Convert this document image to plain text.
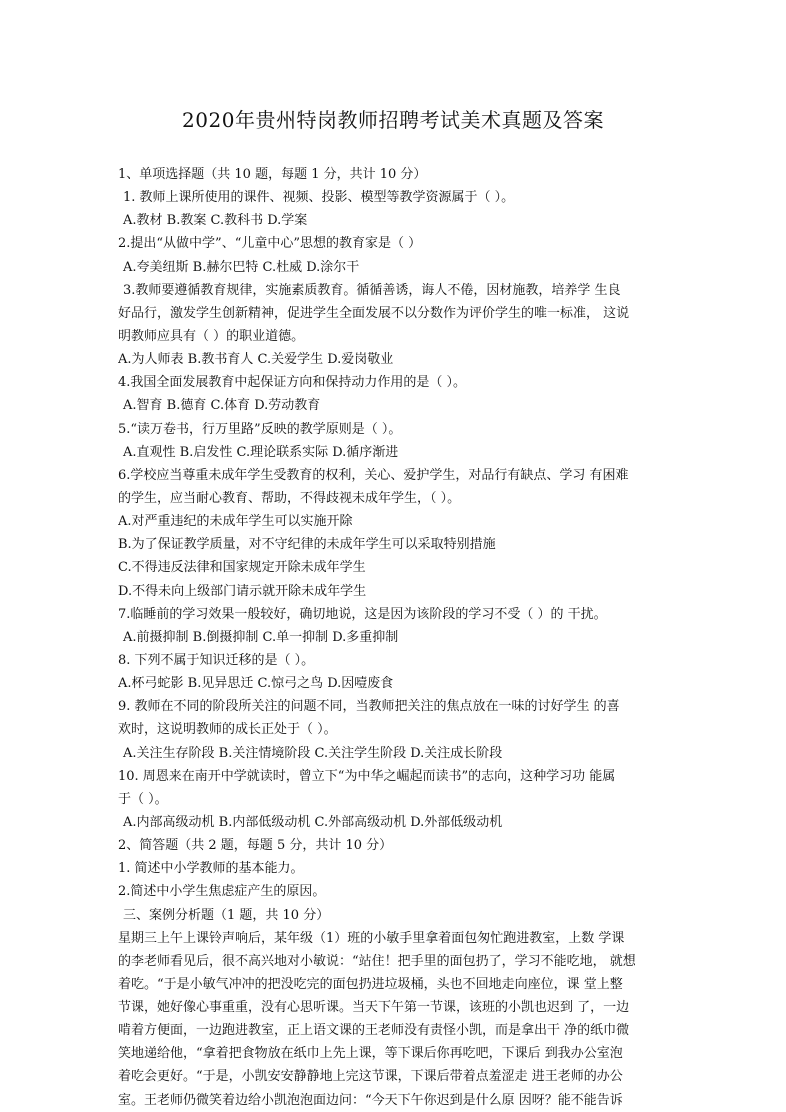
2020年贵州特岗教师招聘考试美术真题及答案
1、单项选择题（共 10 题，每题 1 分，共计 10 分）
1. 教师上课所使用的课件、视频、投影、模型等教学资源属于（ ）。
A.教材 B.教案 C.教科书 D.学案
2.提出“从做中学”、“儿童中心”思想的教育家是（ ）
A.夸美纽斯 B.赫尔巴特 C.杜威 D.涂尔干
3.教师要遵循教育规律，实施素质教育。循循善诱，诲人不倦，因材施教，培养学 生良
好品行，激发学生创新精神，促进学生全面发展不以分数作为评价学生的唯一标准， 这说
明教师应具有（ ）的职业道德。
A.为人师表 B.教书育人 C.关爱学生 D.爱岗敬业
4.我国全面发展教育中起保证方向和保持动力作用的是（ ）。
A.智育 B.德育 C.体育 D.劳动教育
5.“读万卷书，行万里路”反映的教学原则是（ ）。
A.直观性 B.启发性 C.理论联系实际 D.循序渐进
6.学校应当尊重未成年学生受教育的权利，关心、爱护学生，对品行有缺点、学习 有困难
的学生，应当耐心教育、帮助，不得歧视未成年学生，（ ）。
A.对严重违纪的未成年学生可以实施开除
B.为了保证教学质量，对不守纪律的未成年学生可以采取特别措施
C.不得违反法律和国家规定开除未成年学生
D.不得未向上级部门请示就开除未成年学生
7.临睡前的学习效果一般较好，确切地说，这是因为该阶段的学习不受（ ）的 干扰。
A.前摄抑制 B.倒摄抑制 C.单一抑制 D.多重抑制
8. 下列不属于知识迁移的是（ ）。
A.杯弓蛇影 B.见异思迁 C.惊弓之鸟 D.因噎废食
9. 教师在不同的阶段所关注的问题不同，当教师把关注的焦点放在一味的讨好学生 的喜
欢时，这说明教师的成长正处于（ ）。
A.关注生存阶段 B.关注情境阶段 C.关注学生阶段 D.关注成长阶段
10. 周恩来在南开中学就读时，曾立下“为中华之崛起而读书”的志向，这种学习功 能属
于（ ）。
A.内部高级动机 B.内部低级动机 C.外部高级动机 D.外部低级动机
2、简答题（共 2 题，每题 5 分，共计 10 分）
1. 简述中小学教师的基本能力。
2.简述中小学生焦虑症产生的原因。
三、案例分析题（1 题，共 10 分）
星期三上午上课铃声响后，某年级（1）班的小敏手里拿着面包匆忙跑进教室，上数 学课
的李老师看见后，很不高兴地对小敏说：“站住！把手里的面包扔了，学习不能吃地， 就想
着吃。“于是小敏气冲冲的把没吃完的面包扔进垃圾桶，头也不回地走向座位，课 堂上整
节课，她好像心事重重，没有心思听课。当天下午第一节课，该班的小凯也迟到 了，一边
啃着方便面，一边跑进教室，正上语文课的王老师没有责怪小凯，而是拿出干 净的纸巾微
笑地递给他，“拿着把食物放在纸巾上先上课，等下课后你再吃吧，下课后 到我办公室泡
着吃会更好。“于是，小凯安安静静地上完这节课，下课后带着点羞涩走 进王老师的办公
室。王老师仍微笑着边给小凯泡泡面边问：“今天下午你迟到是什么原 因呀？能不能告诉
